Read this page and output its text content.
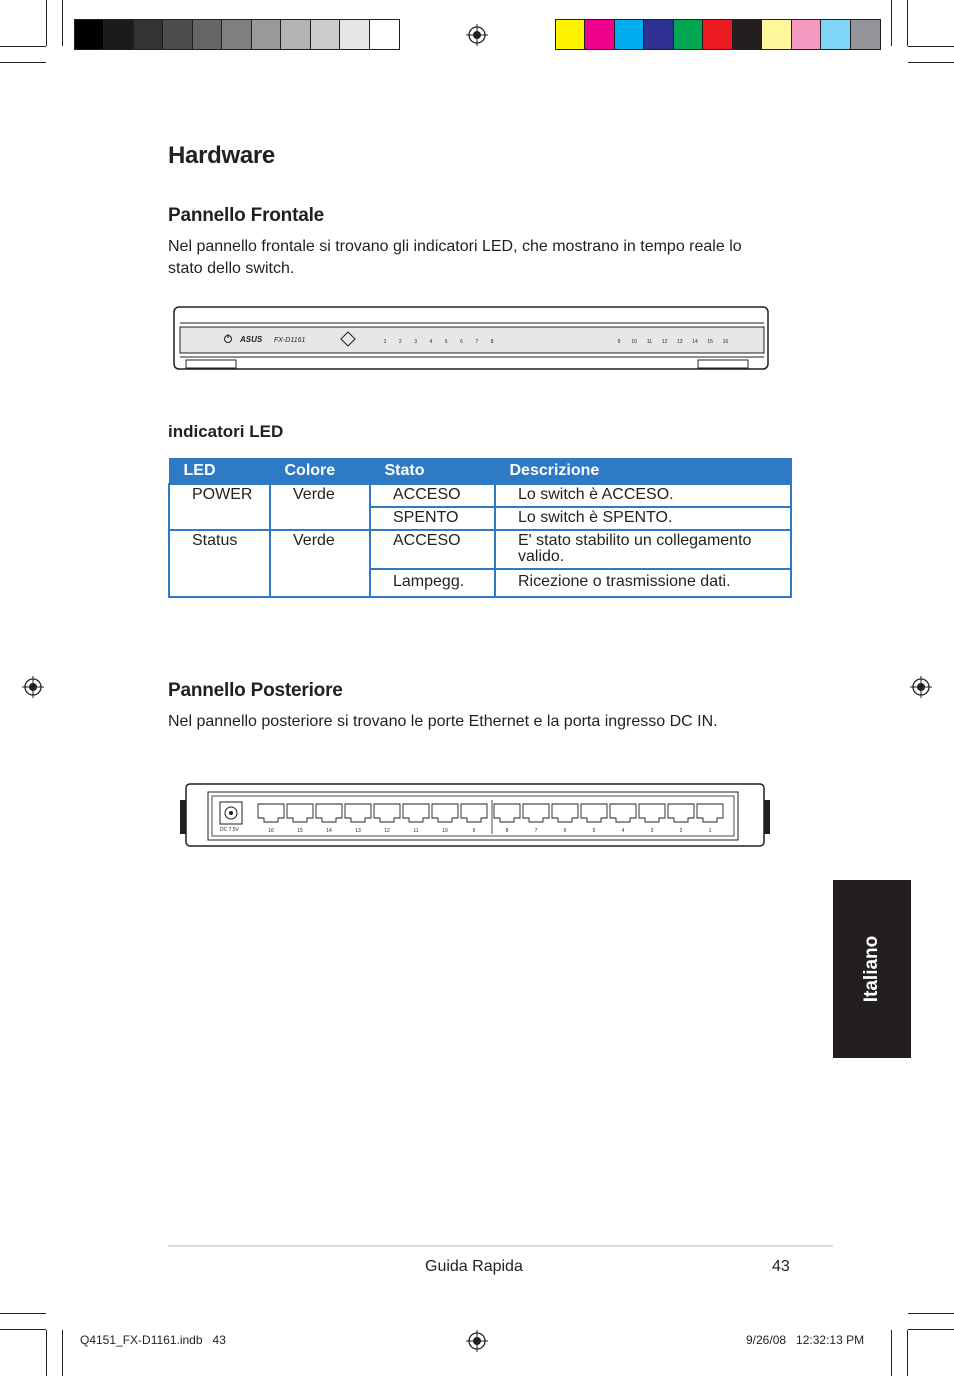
Hardware
Pannello Frontale

Nel pannello frontale si trovano gli indicatori LED, che mostrano in tempo reale lo

stato dello switch.

ASUS FX-D1161	1	2	3	4	5	6	7	8	9 10 11 12 13 14 15 16
indicatori LED
LED	Colore	Stato	Descrizione
POWER	Verde	ACCESO	Lo switch è ACCESO.
		SPENTO	Lo switch è SPENTO.
Status	Verde	ACCESO	E' stato stabilito un collegamento valido.
		Lampegg.	Ricezione o trasmissione dati.
Pannello Posteriore

Nel pannello posteriore si trovano le porte Ethernet e la porta ingresso DC IN.

DC 7.5V	16	15	14	13	12	11	10	9	8	7	6	5	4	3	2	1
Italiano
Guida Rapida	43
Q4151_FX-D1161.indb   43	9/26/08   12:32:13 PM
